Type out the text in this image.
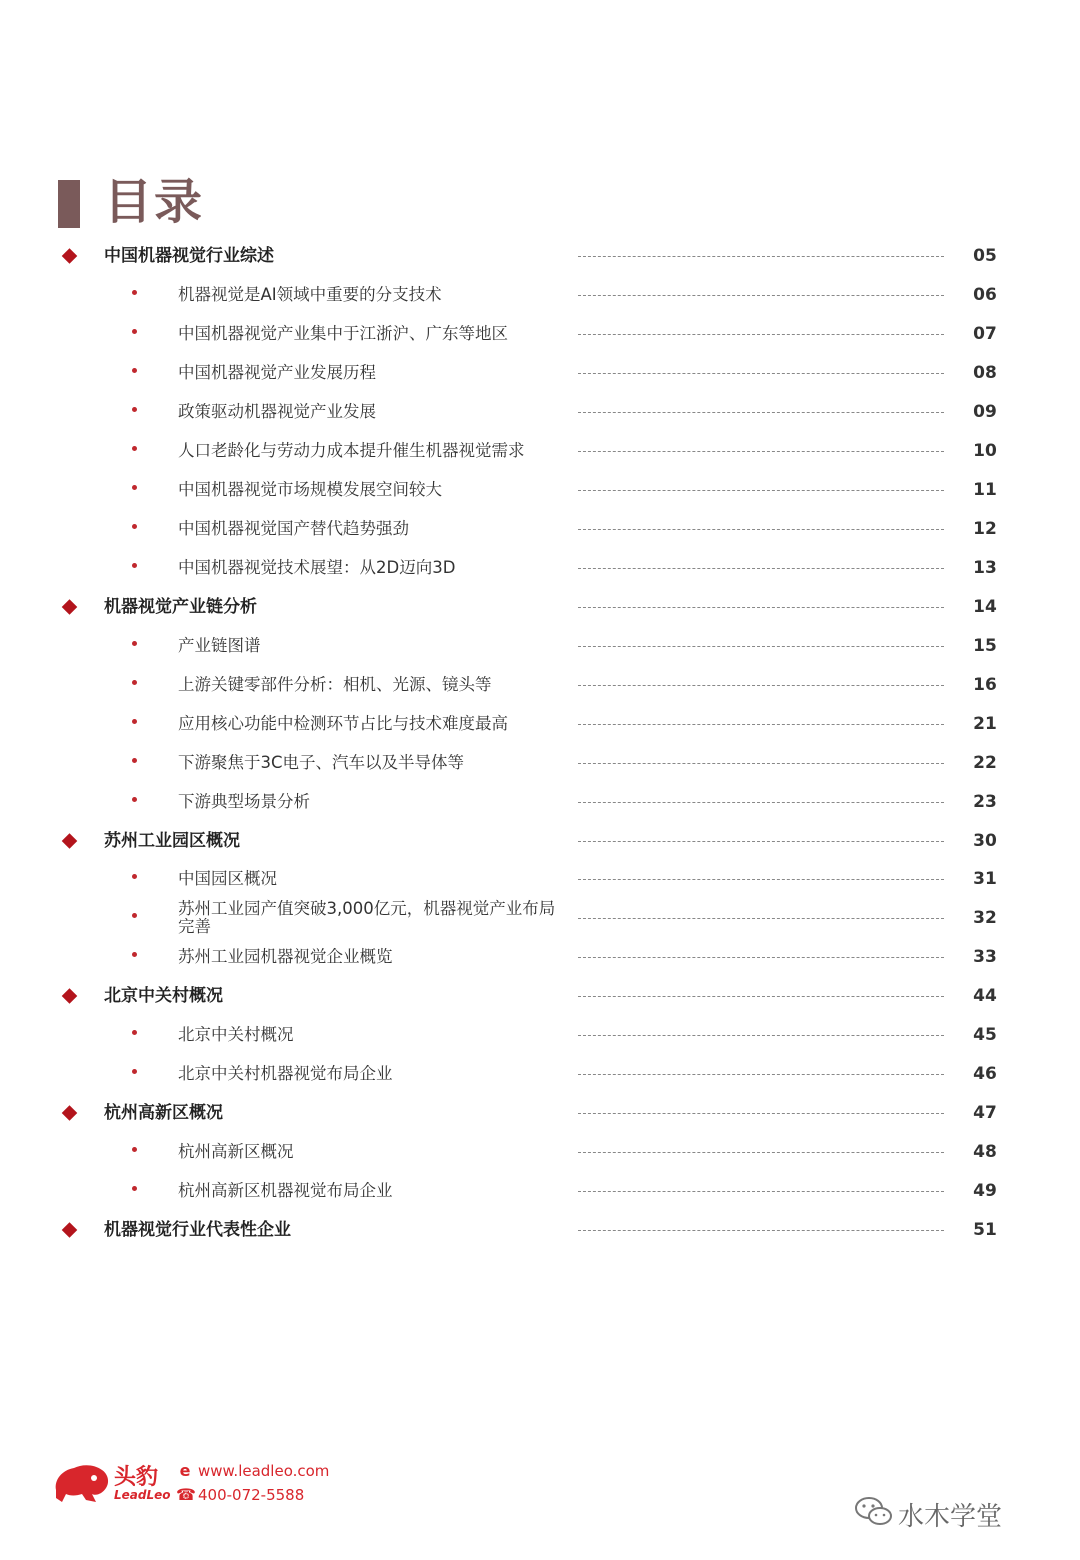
目录
中国机器视觉行业综述	05
机器视觉是AI领域中重要的分支技术	06
中国机器视觉产业集中于江浙沪、广东等地区	07
中国机器视觉产业发展历程	08
政策驱动机器视觉产业发展	09
人口老龄化与劳动力成本提升催生机器视觉需求	10
中国机器视觉市场规模发展空间较大	11
中国机器视觉国产替代趋势强劲	12
中国机器视觉技术展望：从2D迈向3D	13
机器视觉产业链分析	14
产业链图谱	15
上游关键零部件分析：相机、光源、镜头等	16
应用核心功能中检测环节占比与技术难度最高	21
下游聚焦于3C电子、汽车以及半导体等	22
下游典型场景分析	23
苏州工业园区概况	30
中国园区概况	31
苏州工业园产值突破3,000亿元，机器视觉产业布局完善	32
苏州工业园机器视觉企业概览	33
北京中关村概况	44
北京中关村概况	45
北京中关村机器视觉布局企业	46
杭州高新区概况	47
杭州高新区概况	48
杭州高新区机器视觉布局企业	49
机器视觉行业代表性企业	51
头豹
LeadLeo
e www.leadleo.com
☎ 400-072-5588
水木学堂
